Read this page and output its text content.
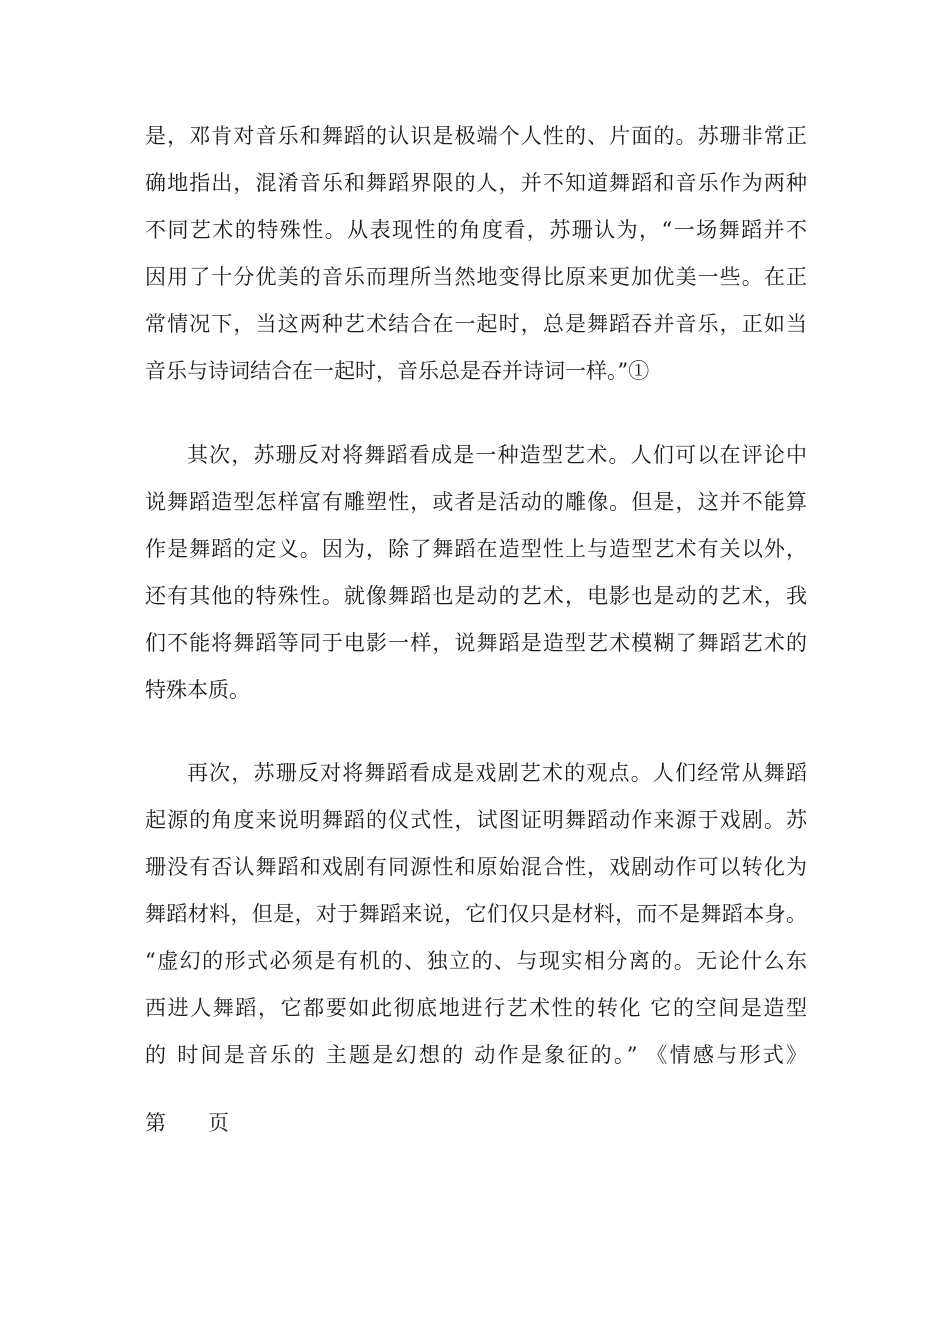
是，邓肯对音乐和舞蹈的认识是极端个人性的、片面的。苏珊非常正
确地指出，混淆音乐和舞蹈界限的人，并不知道舞蹈和音乐作为两种
不同艺术的特殊性。从表现性的角度看，苏珊认为，“一场舞蹈并不
因用了十分优美的音乐而理所当然地变得比原来更加优美一些。在正
常情况下，当这两种艺术结合在一起时，总是舞蹈吞并音乐，正如当
音乐与诗词结合在一起时，音乐总是吞并诗词一样。”①
其次，苏珊反对将舞蹈看成是一种造型艺术。人们可以在评论中
说舞蹈造型怎样富有雕塑性，或者是活动的雕像。但是，这并不能算
作是舞蹈的定义。因为，除了舞蹈在造型性上与造型艺术有关以外，
还有其他的特殊性。就像舞蹈也是动的艺术，电影也是动的艺术，我
们不能将舞蹈等同于电影一样，说舞蹈是造型艺术模糊了舞蹈艺术的
特殊本质。
再次，苏珊反对将舞蹈看成是戏剧艺术的观点。人们经常从舞蹈
起源的角度来说明舞蹈的仪式性，试图证明舞蹈动作来源于戏剧。苏
珊没有否认舞蹈和戏剧有同源性和原始混合性，戏剧动作可以转化为
舞蹈材料，但是，对于舞蹈来说，它们仅只是材料，而不是舞蹈本身。
“虚幻的形式必须是有机的、独立的、与现实相分离的。无论什么东
西进人舞蹈，它都要如此彻底地进行艺术性的转化 它的空间是造型
的 时间是音乐的 主题是幻想的 动作是象征的。” 《情感与形式》
第 页
